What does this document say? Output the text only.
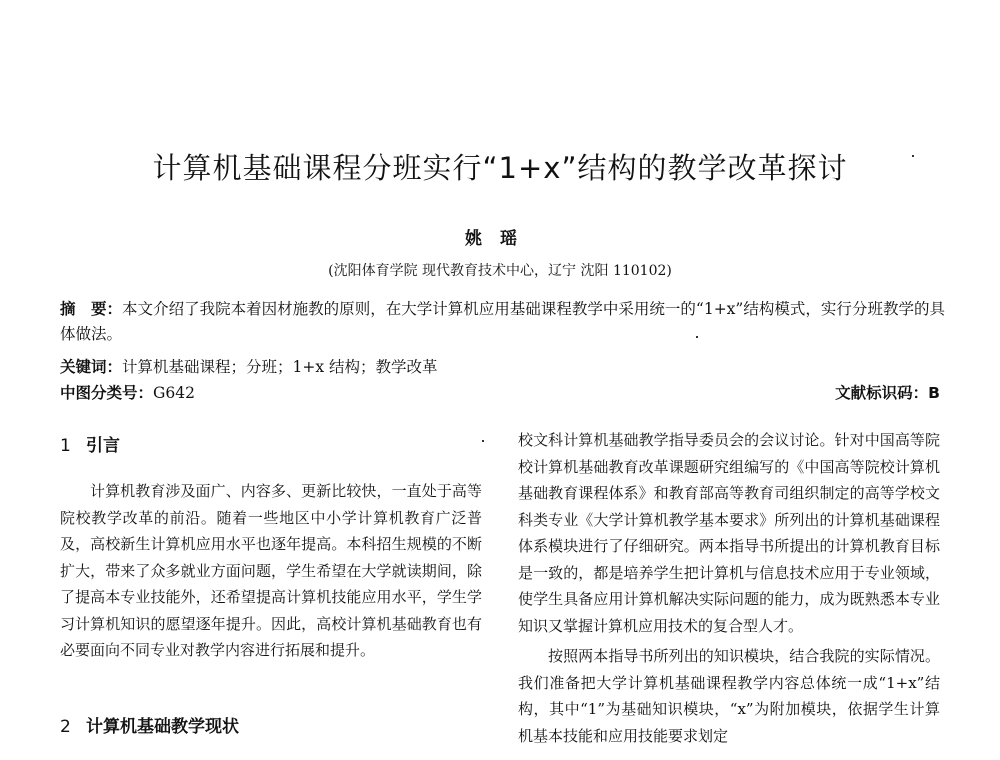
计算机基础课程分班实行“1+x”结构的教学改革探讨
姚瑶
(沈阳体育学院 现代教育技术中心，辽宁 沈阳 110102)
摘　要：本文介绍了我院本着因材施教的原则，在大学计算机应用基础课程教学中采用统一的“1+x”结构模式，实行分班教学的具体做法。
关键词：计算机基础课程；分班；1+x 结构；教学改革
中图分类号：G642	文献标识码：B
1 引言

计算机教育涉及面广、内容多、更新比较快，一直处于高等院校教学改革的前沿。随着一些地区中小学计算机教育广泛普及，高校新生计算机应用水平也逐年提高。本科招生规模的不断扩大，带来了众多就业方面问题，学生希望在大学就读期间，除了提高本专业技能外，还希望提高计算机技能应用水平，学生学习计算机知识的愿望逐年提升。因此，高校计算机基础教育也有必要面向不同专业对教学内容进行拓展和提升。

2 计算机基础教学现状

校文科计算机基础教学指导委员会的会议讨论。针对中国高等院校计算机基础教育改革课题研究组编写的《中国高等院校计算机基础教育课程体系》和教育部高等教育司组织制定的高等学校文科类专业《大学计算机教学基本要求》所列出的计算机基础课程体系模块进行了仔细研究。两本指导书所提出的计算机教育目标是一致的，都是培养学生把计算机与信息技术应用于专业领域，使学生具备应用计算机解决实际问题的能力，成为既熟悉本专业知识又掌握计算机应用技术的复合型人才。

按照两本指导书所列出的知识模块，结合我院的实际情况。我们准备把大学计算机基础课程教学内容总体统一成“1+x”结构，其中“1”为基础知识模块，“x”为附加模块，依据学生计算机基本技能和应用技能要求划定
